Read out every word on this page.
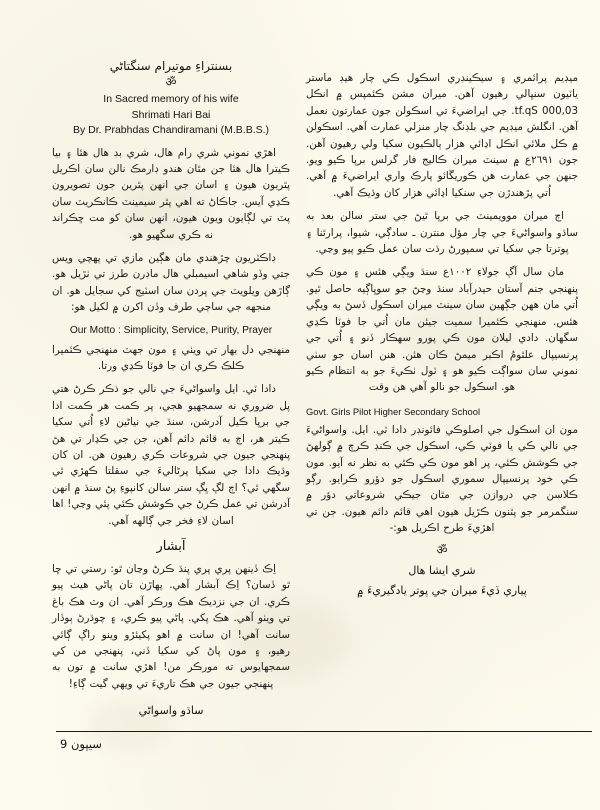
بسنتراءِ موتيرام سنگتاڻي
ॐ
In Sacred memory of his wife
Shrimati Hari Bai
By Dr. Prabhdas Chandiramani (M.B.B.S.)

اهڙي نموني شري رام هال، شري بڊ هال هئا ۽ بيا ڪيترا هال هئا جن مٿان هندو ڊارمڪ نالن سان اڪريل پٿريون هيون ۽ اسان جي انهن پٿرين جون تصويرون ڪڍي آيس. جاڪاڻ ته اهي پٿر سيمينٽ ڪانڪريٽ سان پٽ تي لڳايون ويون هيون، انهن سان کو مت ڇڪراند نه ڪري سگهيو هو.

ڊاڪٽريون چڙهندي مان هڳين مازي تي پهچي ويس جتي وڏو شاهي اسيمبلي هال ماڊرن طرز تي ٺڙيل هو. ڳاڙهن ويلويٽ جي پردن سان اسٽيج کي سجايل هو. ان منجهه جي ساڄي طرف وڏن اکرن ۾ لکيل هو:

Our Motto : Simplicity, Service, Purity, Prayer

منهنجي دل بهار تي ويٺي ۽ مون جهٽ منهنجي ڪئميرا ڪلڪ ڪري ان جا فوٽا ڪڍي ورتا.

دادا ٽي. ايل واسواڻيءَ جي نالي جو ذڪر ڪرڻ هتي پل ضروري نه سمجهيو هجي، پر ڪمت هر ڪمت ادا جي برپا ڪيل آدرشن، سنڌ جي نياڻين لاءِ اُتي سکيا ڪيتر هر، اڄ به قائم دائم آهن، جن جي ڪڍار تي هڻ پنهنجي جيون جي شروعات ڪري رهيون هن. ان کان وڌيڪ دادا جي سکيا پرڻاليءَ جي سقلتا ڪهڙي ٿي سگهي ٿي؟ اڄ لڳ ڀڳ ستر سالن کانپوءِ پڻ سنڌ ۾ انهن آدرشن تي عمل ڪرڻ جي ڪوشش ڪئي پئي وڃي! اها اسان لاءِ فخر جي ڳالهه آهي.

آبشار

اِڪ ڏينهن پري پري پنڌ ڪرڻ وڃان ٿو: رستي تي ڇا ٿو ڏسان؟ اِڪ آبشار آهي. پهاڙن تان پاڻي هيٺ پيو ڪري. ان جي نزديڪ هڪ ورڪر آهي. ان وٽ هڪ باغ تي ويٺو آهي. هڪ پکي. پاڻي پيو ڪري، ۽ چوڌرڻ ٻوڏار سانت آهي! ان سانت ۾ اهو پکيئڙو وينو راڳ ڳائي رهيو، ۽ مون پاڻ کي سکيا ڏني، پنهنجي من کي سمجهايوس ته مورڪر من! اهڙي سانت ۾ تون به پنهنجي جيون جي هڪ تاريءَ تي ويهي گيت ڳاءِ!

ساڌو واسواڻي

ميڊيم پرائمري ۽ سيڪينڊري اسڪول ڪي چار هيڊ ماستر ياٽيون سنڀالي رهيون آهن. ميران مشن ڪئمپس ۾ انڪل 30,000 Sq.ft. جي ايراضيءَ تي اسڪولن جون عمارتون نعمل آهن. انگلش ميڊيم جي بلڊنگ چار منزلي عمارت آهي. اسڪولن ۾ ڪل ملائي انڪل اڍائي هزار ٻالڪيون سکيا ولي رهيون آهن. جون ١٩٦٢ع ۾ سينٽ ميران ڪاليج فار گرلس برپا ڪيو ويو. جنهن جي عمارت هن ڪوريڱائو پارڪ واري ايراضيءَ ۾ آهي. اُتي پڙهندڙن جي سنکيا اڍائي هزار کان وڌيڪ آهي.

اڄ ميران موويمينٽ جي برپا ٿيڻ جي ستر سالن بعد به ساڌو واسواڻيءَ جي چار مؤل منترن ـ سادڳي، شيوا، پرارٿنا ۽ پوترتا جي سکيا تي سمپورڻ رڌت سان عمل ڪيو پيو وڃي.

مان سال آڳ جولاءِ ٢٠٠١ع سنڌ ويڳي هئس ۽ مون ڪي پنهنجي جنم آستان حيدرآباد سنڌ وڃڻ جو سوڀاڳيه حاصل ٿيو. اُتي مان ههن جڳهين سان سينٽ ميران اسڪول ڏسڻ به ويڳي هئس. منهنجي ڪئميرا سميت جيئن مان اُتي جا فوٽا ڪڍي سگهان. دادي ليلان مون ڪي پورو سهڪار ڏنو ۽ اُتي جي پرنسيپال علٿومُ اڪبر ميمڻ ڪان هئن. هنن اسان جو سٺي نموني سان سواڳت ڪيو هو ۽ ٽول ٺڪيءَ جو به انتظام ڪيو هو. اسڪول جو نالو آهي هن وقت

Govt. Girls Pilot Higher Secondary School

مون ان اسڪول جي اصلوڪي فائونڊر دادا ٽي. ايل. واسواڻيءَ جي نالي ڪي يا فوٽي ڪي، اسڪول جي ڪنڊ ڪرچ ۾ ڳولهڻ جي ڪوشش ڪئي، پر اهو مون ڪي ڪٿي به نظر نه آيو. مون ڪي خود پرنسيپال سموري اسڪول جو دؤرو ڪرايو. رڳو ڪلاسن جي دروازن جي مٿان جيڪي شروعاتي دؤر ۾ سنگمرمر جو پٿنون ڪڙيل هيون اهي قائم دائم هيون. جن تي اهڙيءَ طرح اڪريل هو:-

ॐ
شري ايشا هال
پياري ڏيءَ ميران جي پوتر يادگيريءَ ۾
سيپون 9
